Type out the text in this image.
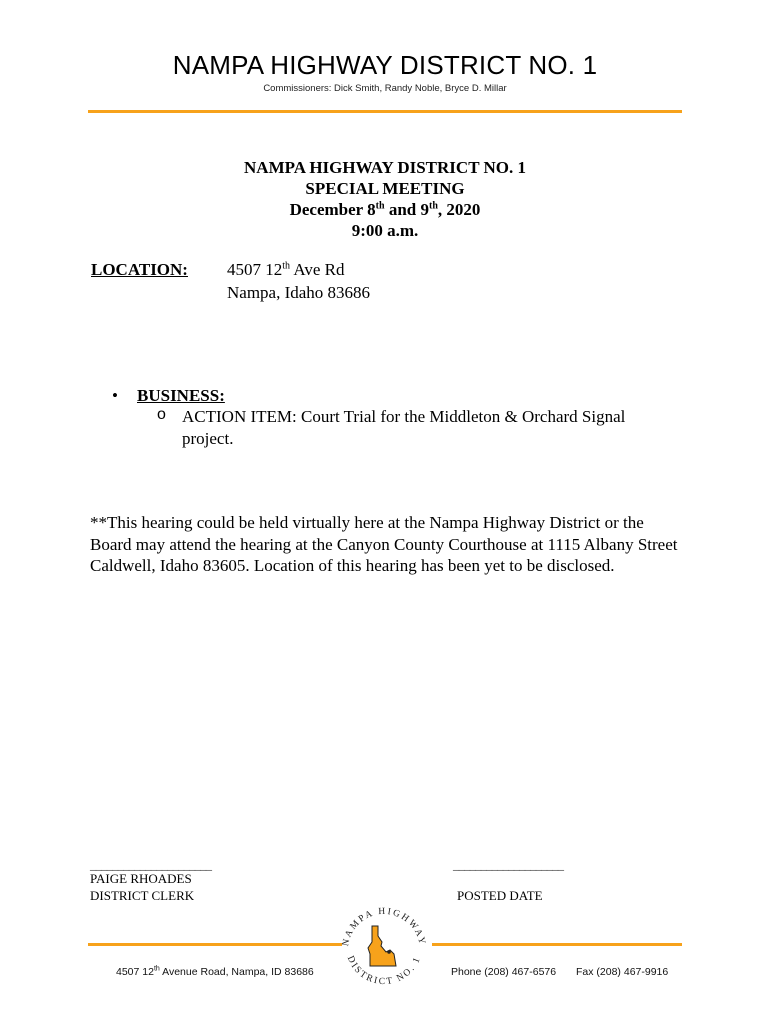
NAMPA HIGHWAY DISTRICT NO. 1
Commissioners: Dick Smith, Randy Noble, Bryce D. Millar
NAMPA HIGHWAY DISTRICT NO. 1
SPECIAL MEETING
December 8th and 9th, 2020
9:00 a.m.
LOCATION: 4507 12th Ave Rd
Nampa, Idaho 83686
• BUSINESS:
o ACTION ITEM: Court Trial for the Middleton & Orchard Signal project.
**This hearing could be held virtually here at the Nampa Highway District or the Board may attend the hearing at the Canyon County Courthouse at 1115 Albany Street Caldwell, Idaho 83605. Location of this hearing has been yet to be disclosed.
______________________
PAIGE RHOADES
DISTRICT CLERK
____________________
POSTED DATE
NAMPA HIGHWAY
DISTRICT NO. 1
4507 12th Avenue Road, Nampa, ID 83686	Phone (208) 467-6576 Fax (208) 467-9916
